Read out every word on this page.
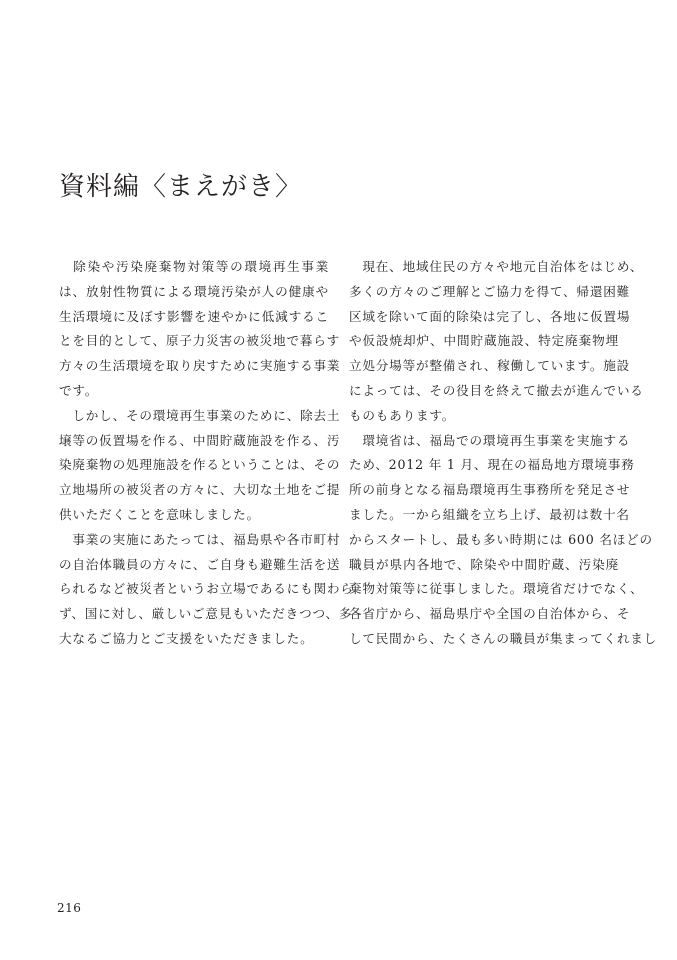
資料編〈まえがき〉
　除染や汚染廃棄物対策等の環境再生事業
は、放射性物質による環境汚染が人の健康や
生活環境に及ぼす影響を速やかに低減するこ
とを目的として、原子力災害の被災地で暮らす
方々の生活環境を取り戻すために実施する事業
です。
　しかし、その環境再生事業のために、除去土
壌等の仮置場を作る、中間貯蔵施設を作る、汚
染廃棄物の処理施設を作るということは、その
立地場所の被災者の方々に、大切な土地をご提
供いただくことを意味しました。
　事業の実施にあたっては、福島県や各市町村
の自治体職員の方々に、ご自身も避難生活を送
られるなど被災者というお立場であるにも関わら
ず、国に対し、厳しいご意見もいただきつつ、多
大なるご協力とご支援をいただきました。
　現在、地域住民の方々や地元自治体をはじめ、
多くの方々のご理解とご協力を得て、帰還困難
区域を除いて面的除染は完了し、各地に仮置場
や仮設焼却炉、中間貯蔵施設、特定廃棄物埋
立処分場等が整備され、稼働しています。施設
によっては、その役目を終えて撤去が進んでいる
ものもあります。
　環境省は、福島での環境再生事業を実施する
ため、2012 年 1 月、現在の福島地方環境事務
所の前身となる福島環境再生事務所を発足させ
ました。一から組織を立ち上げ、最初は数十名
からスタートし、最も多い時期には 600 名ほどの
職員が県内各地で、除染や中間貯蔵、汚染廃
棄物対策等に従事しました。環境省だけでなく、
各省庁から、福島県庁や全国の自治体から、そ
して民間から、たくさんの職員が集まってくれまし
216
